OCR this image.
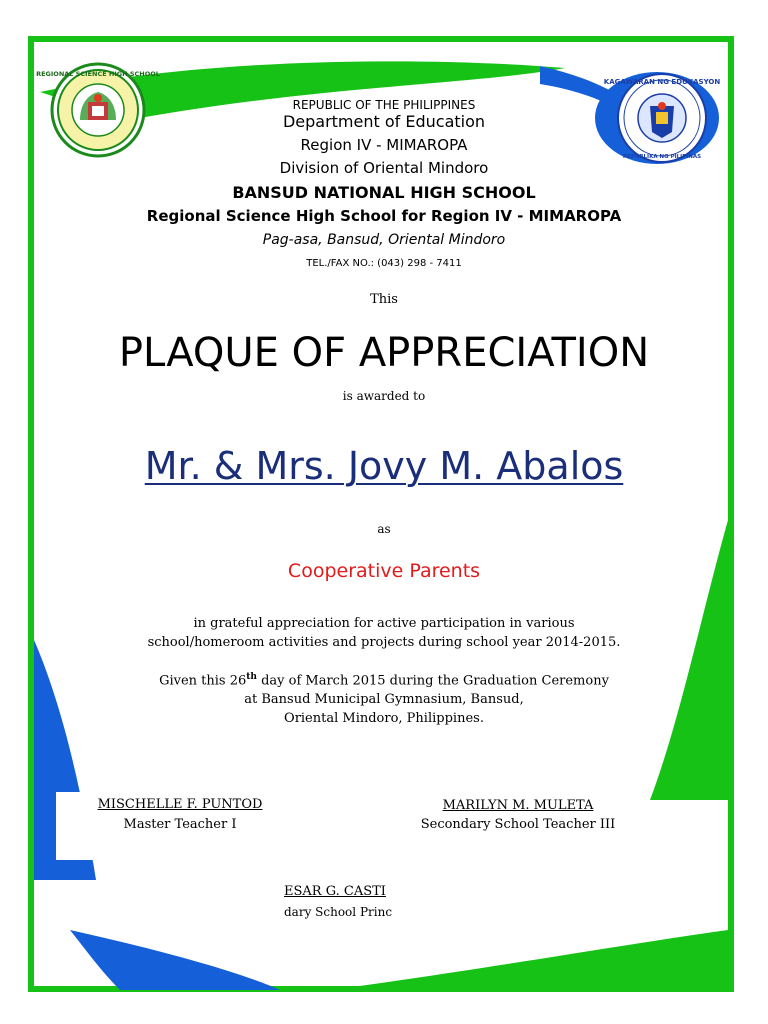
REGIONAL SCIENCE HIGH SCHOOL
KAGAWARAN NG EDUKASYON
REPUBLIKA NG PILIPINAS
REPUBLIC OF THE PHILIPPINES
Department of Education
Region IV - MIMAROPA
Division of Oriental Mindoro
BANSUD NATIONAL HIGH SCHOOL
Regional Science High School for Region IV - MIMAROPA
Pag-asa, Bansud, Oriental Mindoro
TEL./FAX NO.: (043) 298 - 7411
This
PLAQUE OF APPRECIATION
is awarded to
Mr. & Mrs. Jovy M. Abalos
as
Cooperative Parents
in grateful appreciation for active participation in various
school/homeroom activities and projects during school year 2014-2015.
Given this 26th day of March 2015 during the Graduation Ceremony
at Bansud Municipal Gymnasium, Bansud,
Oriental Mindoro, Philippines.
MISCHELLE F. PUNTOD
Master Teacher I
MARILYN M. MULETA
Secondary School Teacher III
ESAR G. CASTI
dary School Princ
